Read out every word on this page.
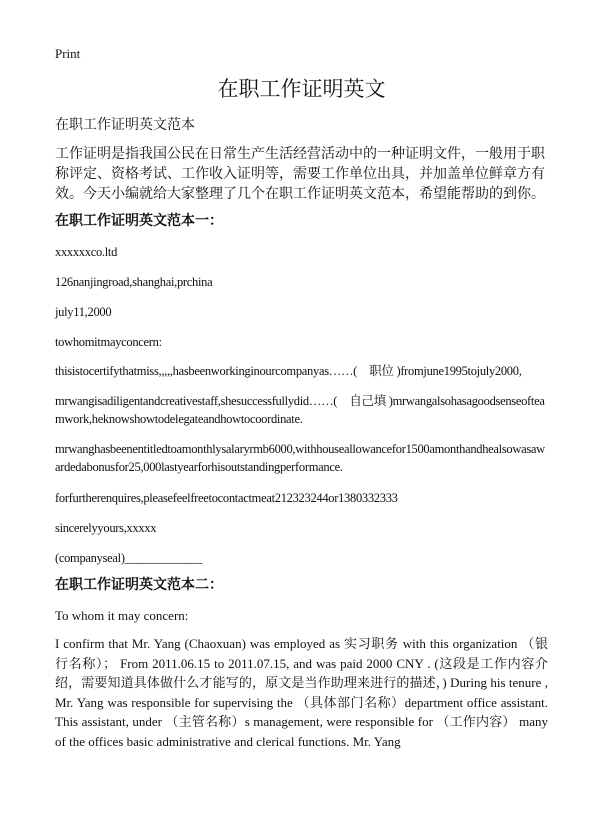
Print
在职工作证明英文
在职工作证明英文范本
工作证明是指我国公民在日常生产生活经营活动中的一种证明文件，一般用于职称评定、资格考试、工作收入证明等，需要工作单位出具，并加盖单位鲜章方有效。今天小编就给大家整理了几个在职工作证明英文范本，希望能帮助的到你。
在职工作证明英文范本一：
xxxxxxco.ltd
126nanjingroad,shanghai,prchina
july11,2000
towhomitmayconcern:
thisistocertifythatmiss,,,,,hasbeenworkinginourcompanyas……(　职位 )fromjune1995tojuly2000,
mrwangisadiligentandcreativestaff,shesuccessfullydid……(　自己填 )mrwangalsohasagoodsenseofteamwork,heknowshowtodelegateandhowtocoordinate.
mrwanghasbeenentitledtoamonthlysalaryrmb6000,withhouseallowancefor1500amonthandhealsowasawardedabonusfor25,000lastyearforhisoutstandingperformance.
forfurtherenquires,pleasefeelfreetocontactmeat212323244or1380332333
sincerelyyours,xxxxx
(companyseal)_____________
在职工作证明英文范本二：
To whom it may concern:
I confirm that Mr. Yang (Chaoxuan) was employed as 实习职务 with this organization （银行名称）； From 2011.06.15 to 2011.07.15, and was paid 2000 CNY . (这段是工作内容介绍，需要知道具体做什么才能写的，原文是当作助理来进行的描述，) During his tenure , Mr. Yang was responsible for supervising the （具体部门名称）department office assistant. This assistant, under （主管名称）s management, were responsible for （工作内容） many of the offices basic administrative and clerical functions. Mr. Yang
